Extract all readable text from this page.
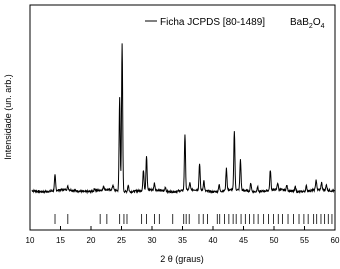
10	15	20	25	30	35	40	45	50	55	60
Ficha JCPDS [80-1489] $BaB_2O_4$
2 θ (graus)
Intensidade (un. arb.)
